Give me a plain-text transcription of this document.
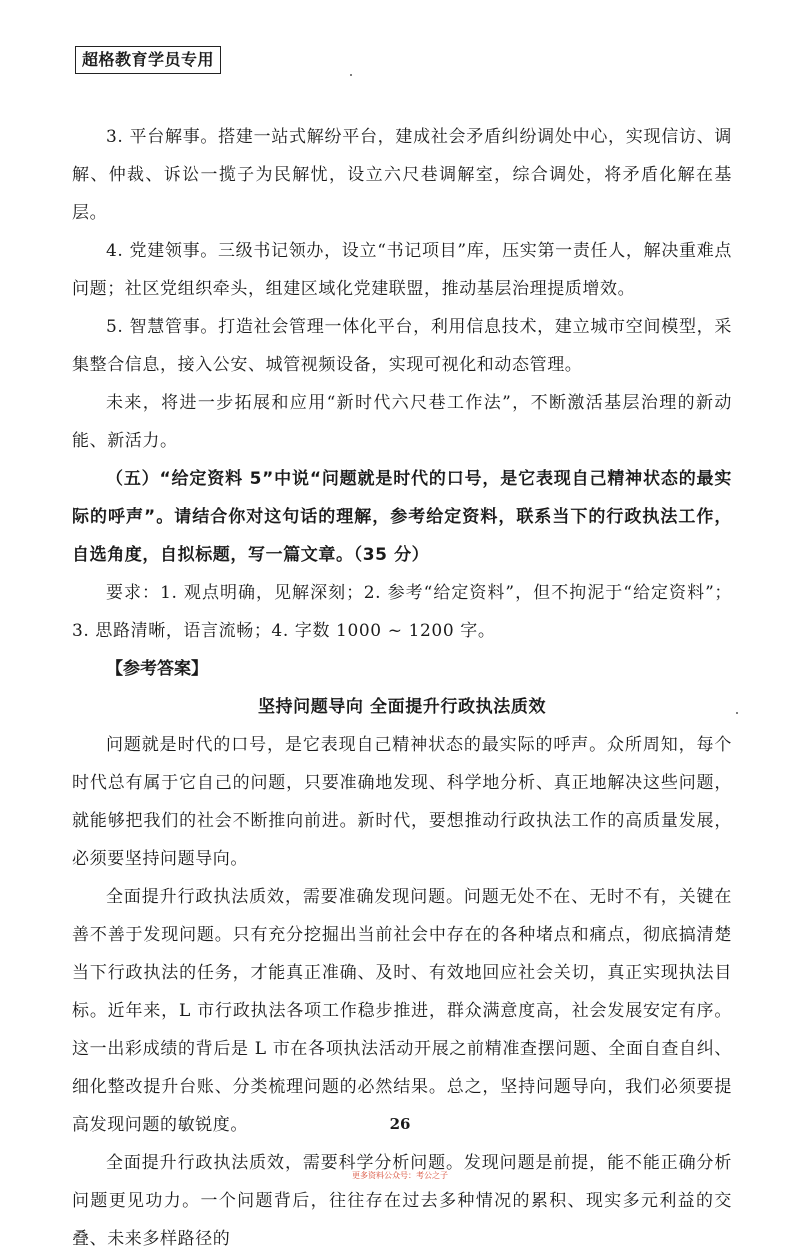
超格教育学员专用

3. 平台解事。搭建一站式解纷平台，建成社会矛盾纠纷调处中心，实现信访、调解、仲裁、诉讼一揽子为民解忧，设立六尺巷调解室，综合调处，将矛盾化解在基层。

4. 党建领事。三级书记领办，设立“书记项目”库，压实第一责任人，解决重难点问题；社区党组织牵头，组建区域化党建联盟，推动基层治理提质增效。

5. 智慧管事。打造社会管理一体化平台，利用信息技术，建立城市空间模型，采集整合信息，接入公安、城管视频设备，实现可视化和动态管理。

未来，将进一步拓展和应用“新时代六尺巷工作法”，不断激活基层治理的新动能、新活力。

（五）“给定资料 5”中说“问题就是时代的口号，是它表现自己精神状态的最实际的呼声”。请结合你对这句话的理解，参考给定资料，联系当下的行政执法工作，自选角度，自拟标题，写一篇文章。（35 分）

要求：1. 观点明确，见解深刻；2. 参考“给定资料”，但不拘泥于“给定资料”；3. 思路清晰，语言流畅；4. 字数 1000 ~ 1200 字。

【参考答案】

坚持问题导向 全面提升行政执法质效

问题就是时代的口号，是它表现自己精神状态的最实际的呼声。众所周知，每个时代总有属于它自己的问题，只要准确地发现、科学地分析、真正地解决这些问题，就能够把我们的社会不断推向前进。新时代，要想推动行政执法工作的高质量发展，必须要坚持问题导向。

全面提升行政执法质效，需要准确发现问题。问题无处不在、无时不有，关键在善不善于发现问题。只有充分挖掘出当前社会中存在的各种堵点和痛点，彻底搞清楚当下行政执法的任务，才能真正准确、及时、有效地回应社会关切，真正实现执法目标。近年来，L 市行政执法各项工作稳步推进，群众满意度高，社会发展安定有序。这一出彩成绩的背后是 L 市在各项执法活动开展之前精准查摆问题、全面自查自纠、细化整改提升台账、分类梳理问题的必然结果。总之，坚持问题导向，我们必须要提高发现问题的敏锐度。

全面提升行政执法质效，需要科学分析问题。发现问题是前提，能不能正确分析问题更见功力。一个问题背后，往往存在过去多种情况的累积、现实多元利益的交叠、未来多样路径的

26
更多资料公众号：考公之子
